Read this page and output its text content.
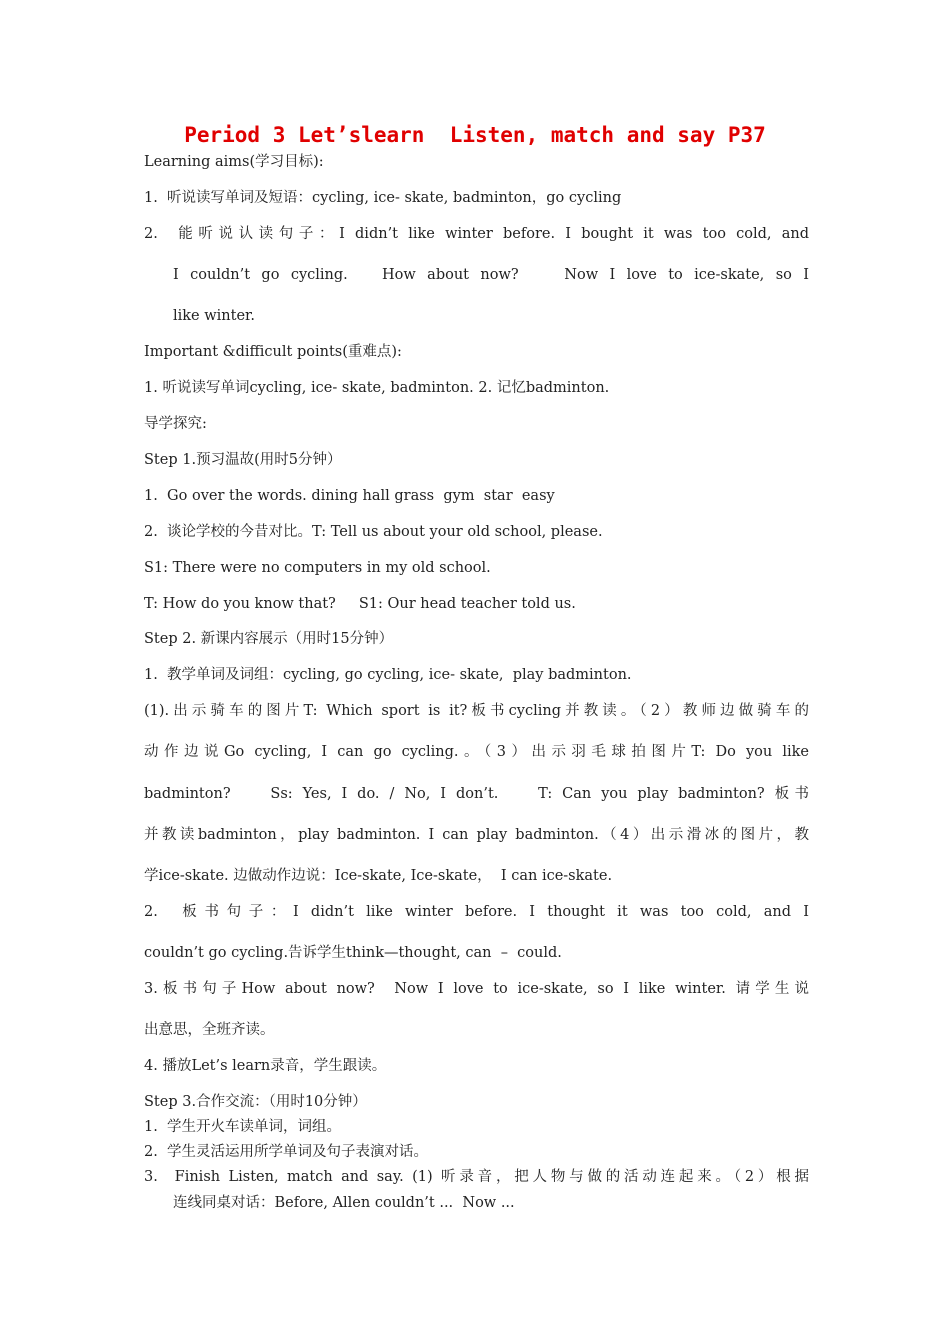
Period 3 Let’slearn  Listen, match and say P37
Learning aims(学习目标):
1.  听说读写单词及短语：cycling, ice- skate, badminton，go cycling
2.  能听说认读句子：I didn’t like winter before. I bought it was too cold, and
I couldn’t go cycling.   How about now?    Now I love to ice-skate, so I
like winter.
Important &difficult points(重难点):
1. 听说读写单词cycling, ice- skate, badminton. 2. 记忆badminton.
导学探究:
Step 1.预习温故(用时5分钟）
1.  Go over the words. dining hall grass  gym  star  easy
2.  谈论学校的今昔对比。T: Tell us about your old school, please.
S1: There were no computers in my old school.
T: How do you know that?     S1: Our head teacher told us.
Step 2. 新课内容展示（用时15分钟）
1.  教学单词及词组：cycling, go cycling, ice- skate,  play badminton.
(1).出示骑车的图片T: Which sport is it?板书cycling并教读。（2）教师边做骑车的
动作边说Go cycling, I can go cycling.。（3）出示羽毛球拍图片T: Do you like
badminton?    Ss: Yes, I do. / No, I don’t.    T: Can you play badminton? 板书
并教读badminton，play badminton. I can play badminton.（4）出示滑冰的图片，教
学ice-skate. 边做动作边说：Ice-skate, Ice-skate，  I can ice-skate.
2.  板书句子：I didn’t like winter before. I thought it was too cold, and I
couldn’t go cycling.告诉学生think—thought, can  –  could.
3.板书句子How about now?  Now I love to ice-skate, so I like winter. 请学生说
出意思，全班齐读。
4. 播放Let’s learn录音，学生跟读。
Step 3.合作交流：（用时10分钟）
1.  学生开火车读单词，词组。
2.  学生灵活运用所学单词及句子表演对话。
3.  Finish Listen, match and say. (1) 听录音，把人物与做的活动连起来。（2）根据
连线同桌对话：Before, Allen couldn’t ...  Now ...
